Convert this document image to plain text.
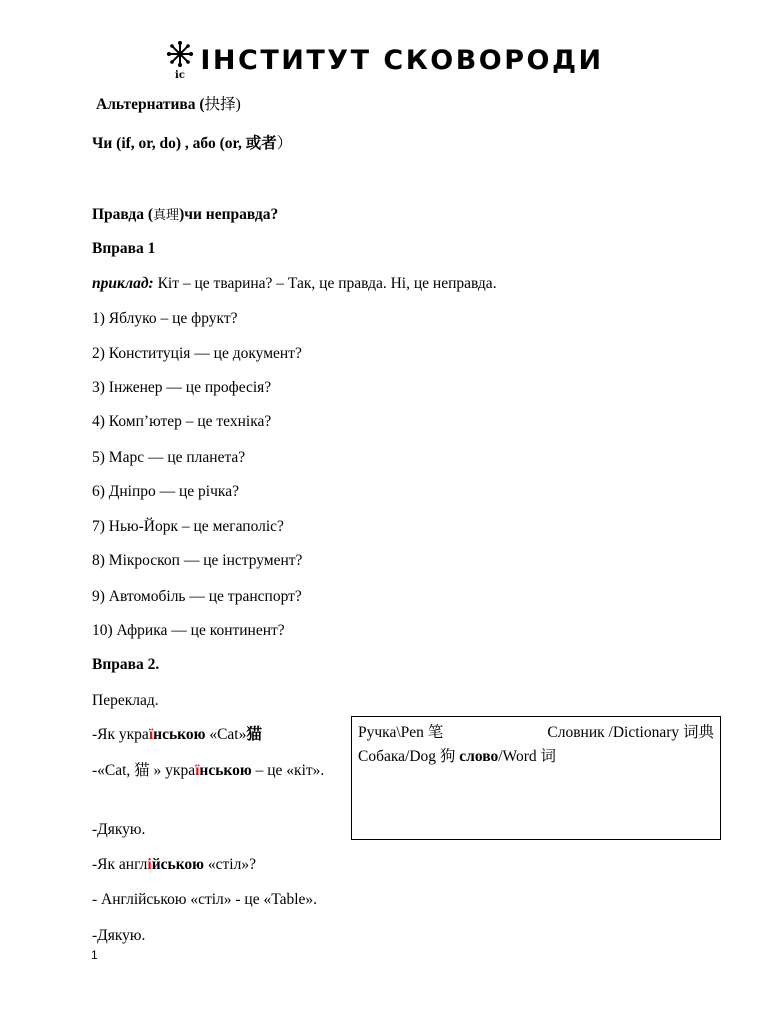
ic ІНСТИТУТ СКОВОРОДИ
Альтернатива (抉择)
Чи (if, or, do) , або (or, 或者）
Правда (真理)чи неправда?
Вправа 1
приклад: Кіт – це тварина? – Так, це правда. Ні, це неправда.
1) Яблуко – це фрукт?
2) Конституція — це документ?
3) Інженер — це професія?
4) Комп’ютер – це техніка?
5) Марс — це планета?
6) Дніпро — це річка?
7) Нью-Йорк – це мегаполіс?
8) Мікроскоп — це інструмент?
9) Автомобіль — це транспорт?
10) Африка — це континент?
Вправа 2.
Переклад.
-Як українською «Cat»猫
-«Cat, 猫 » українською – це «кіт».
-Дякую.
-Як англійською «стіл»?
- Англійською «стіл» - це «Table».
-Дякую.
Ручка\Pen 笔	Словник /Dictionary 词典
Собака/Dog 狗 слово/Word 词
1
